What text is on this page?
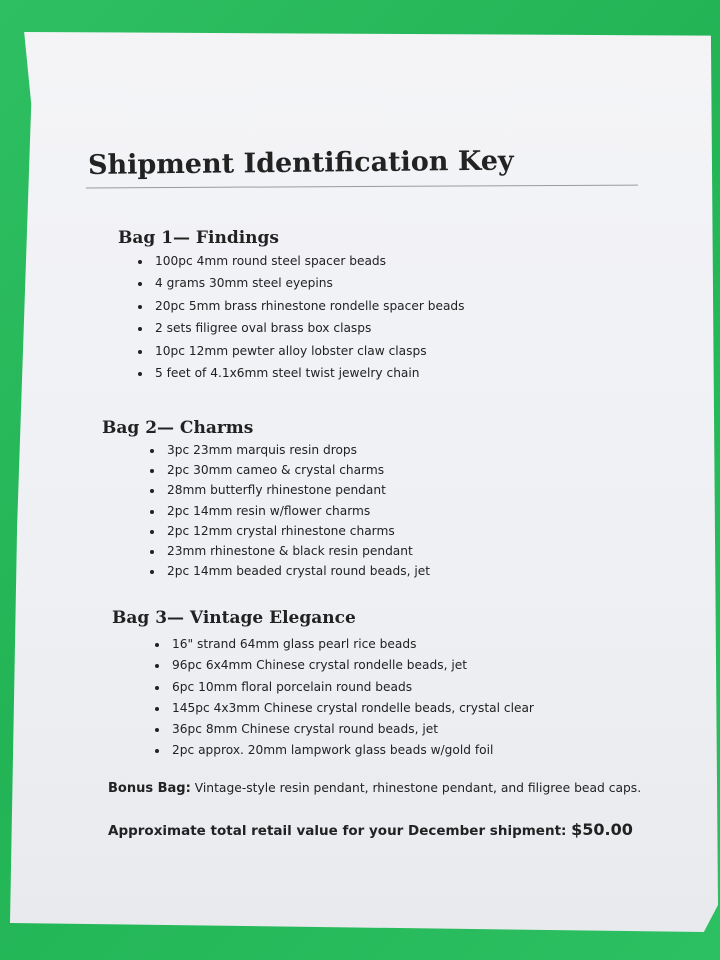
Shipment Identification Key
Bag 1— Findings
100pc 4mm round steel spacer beads
4 grams 30mm steel eyepins
20pc 5mm brass rhinestone rondelle spacer beads
2 sets filigree oval brass box clasps
10pc 12mm pewter alloy lobster claw clasps
5 feet of 4.1x6mm steel twist jewelry chain
Bag 2— Charms
3pc 23mm marquis resin drops
2pc 30mm cameo & crystal charms
28mm butterfly rhinestone pendant
2pc 14mm resin w/flower charms
2pc 12mm crystal rhinestone charms
23mm rhinestone & black resin pendant
2pc 14mm beaded crystal round beads, jet
Bag 3— Vintage Elegance
16" strand 64mm glass pearl rice beads
96pc 6x4mm Chinese crystal rondelle beads, jet
6pc 10mm floral porcelain round beads
145pc 4x3mm Chinese crystal rondelle beads, crystal clear
36pc 8mm Chinese crystal round beads, jet
2pc approx. 20mm lampwork glass beads w/gold foil

Bonus Bag: Vintage-style resin pendant, rhinestone pendant, and filigree bead caps.

Approximate total retail value for your December shipment: $50.00
